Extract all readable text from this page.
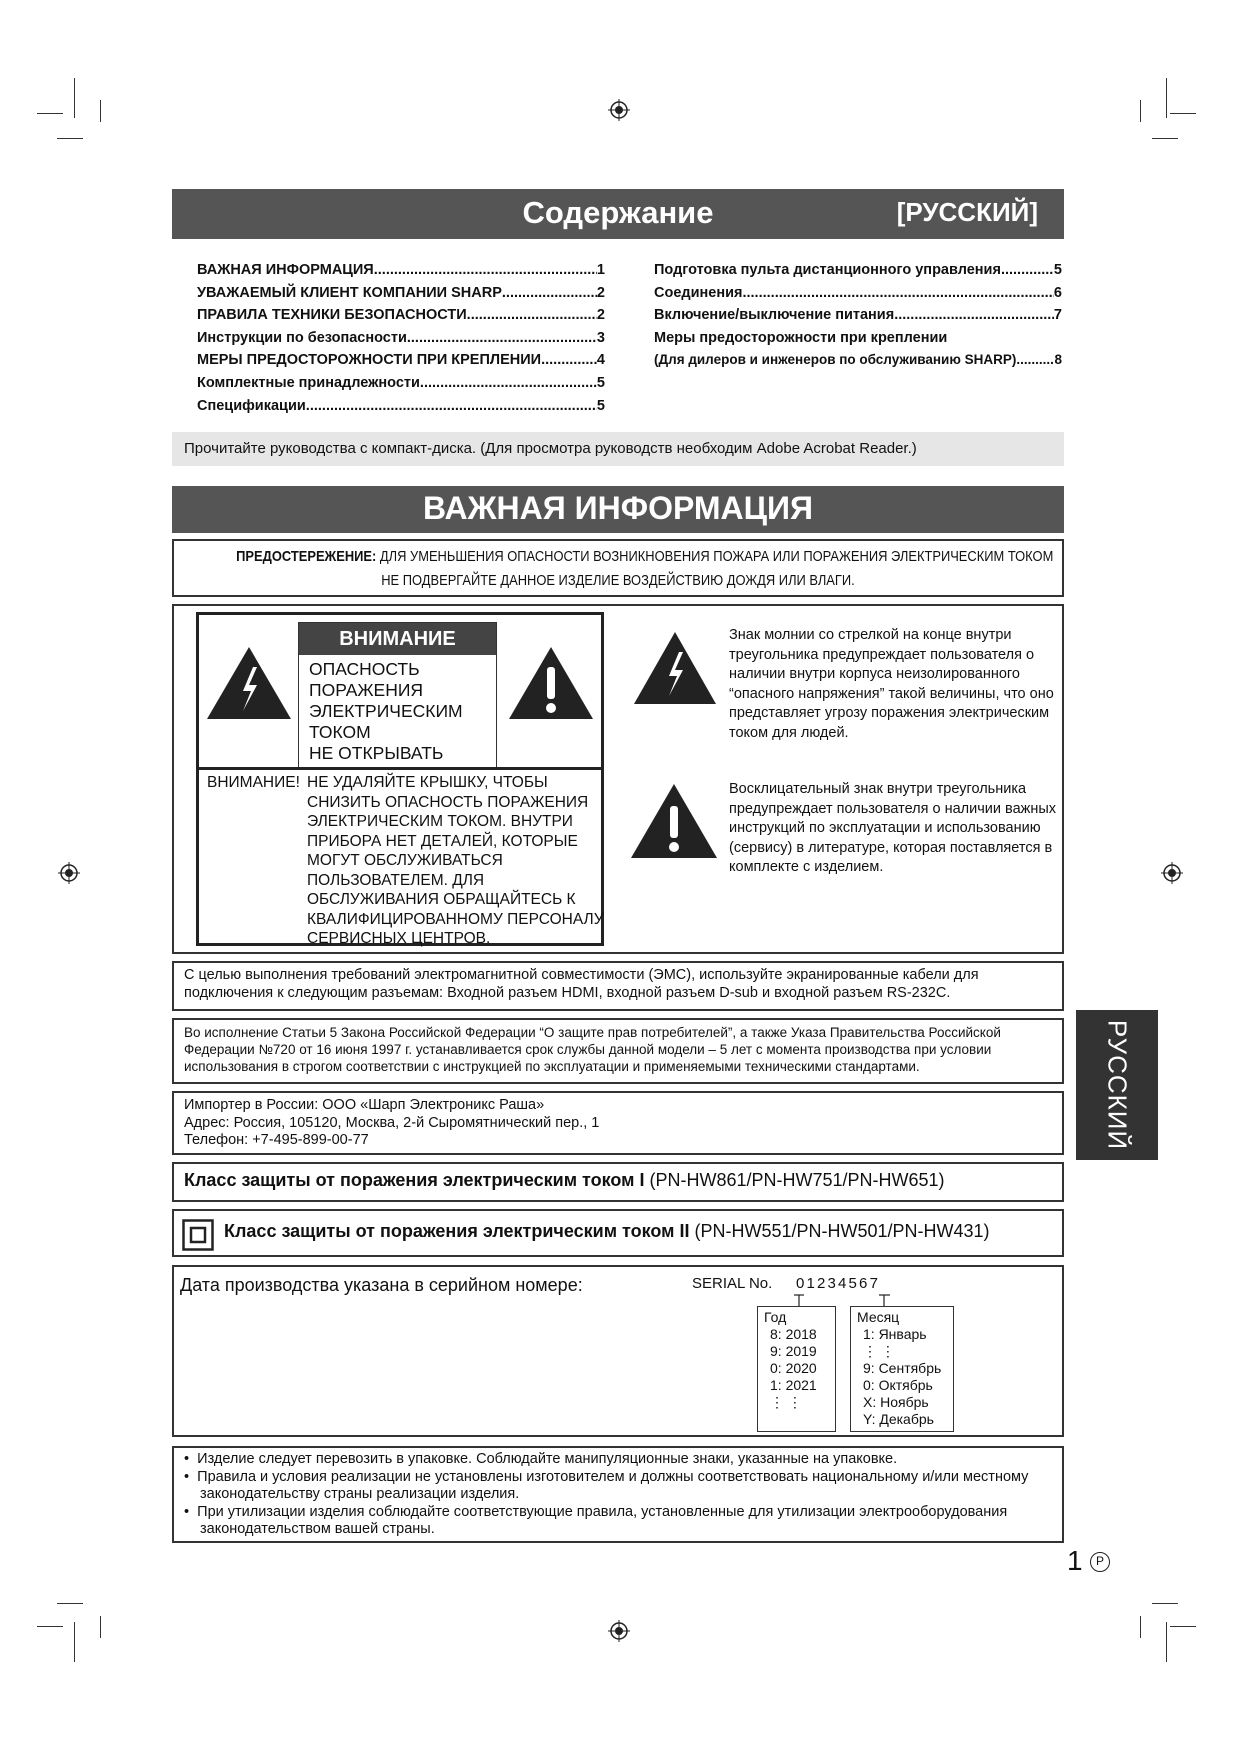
Содержание	[РУССКИЙ]
ВАЖНАЯ ИНФОРМАЦИЯ .....	1
УВАЖАЕМЫЙ КЛИЕНТ КОМПАНИИ SHARP .....	2
ПРАВИЛА ТЕХНИКИ БЕЗОПАСНОСТИ .....	2
Инструкции по безопасности .....	3
МЕРЫ ПРЕДОСТОРОЖНОСТИ ПРИ КРЕПЛЕНИИ .....	4
Комплектные принадлежности .....	5
Спецификации .....	5
Подготовка пульта дистанционного управления .....	5
Соединения .....	6
Включение/выключение питания .....	7
Меры предосторожности при креплении
(Для дилеров и инженеров по обслуживанию SHARP) .....	8
Прочитайте руководства с компакт-диска. (Для просмотра руководств необходим Adobe Acrobat Reader.)
ВАЖНАЯ ИНФОРМАЦИЯ
ПРЕДОСТЕРЕЖЕНИЕ: ДЛЯ УМЕНЬШЕНИЯ ОПАСНОСТИ ВОЗНИКНОВЕНИЯ ПОЖАРА ИЛИ ПОРАЖЕНИЯ ЭЛЕКТРИЧЕСКИМ ТОКОМ
НЕ ПОДВЕРГАЙТЕ ДАННОЕ ИЗДЕЛИЕ ВОЗДЕЙСТВИЮ ДОЖДЯ ИЛИ ВЛАГИ.
ВНИМАНИЕ
ОПАСНОСТЬ
ПОРАЖЕНИЯ
ЭЛЕКТРИЧЕСКИМ
ТОКОМ
НЕ ОТКРЫВАТЬ
ВНИМАНИЕ! НЕ УДАЛЯЙТЕ КРЫШКУ, ЧТОБЫ СНИЗИТЬ ОПАСНОСТЬ ПОРАЖЕНИЯ ЭЛЕКТРИЧЕСКИМ ТОКОМ. ВНУТРИ ПРИБОРА НЕТ ДЕТАЛЕЙ, КОТОРЫЕ МОГУТ ОБСЛУЖИВАТЬСЯ ПОЛЬЗОВАТЕЛЕМ. ДЛЯ ОБСЛУЖИВАНИЯ ОБРАЩАЙТЕСЬ К КВАЛИФИЦИРОВАННОМУ ПЕРСОНАЛУ СЕРВИСНЫХ ЦЕНТРОВ.
Знак молнии со стрелкой на конце внутри треугольника предупреждает пользователя о наличии внутри корпуса неизолированного “опасного напряжения” такой величины, что оно представляет угрозу поражения электрическим током для людей.
Восклицательный знак внутри треугольника предупреждает пользователя о наличии важных инструкций по эксплуатации и использованию (сервису) в литературе, которая поставляется в комплекте с изделием.
С целью выполнения требований электромагнитной совместимости (ЭМС), используйте экранированные кабели для подключения к следующим разъемам: Входной разъем HDMI, входной разъем D-sub и входной разъем RS-232C.
Во исполнение Статьи 5 Закона Российской Федерации “О защите прав потребителей”, а также Указа Правительства Российской Федерации №720 от 16 июня 1997 г. устанавливается срок службы данной модели – 5 лет с момента производства при условии использования в строгом соответствии с инструкцией по эксплуатации и применяемыми техническими стандартами.
Импортер в России: ООО «Шарп Электроникс Раша»
Адрес: Россия, 105120, Москва, 2-й Сыромятнический пер., 1
Телефон: +7-495-899-00-77
Класс защиты от поражения электрическим током I (PN-HW861/PN-HW751/PN-HW651)
Класс защиты от поражения электрическим током II (PN-HW551/PN-HW501/PN-HW431)
Дата производства указана в серийном номере:	SERIAL No. 0 1 2 3 4 5 6 7
Год
8: 2018
9: 2019
0: 2020
1: 2021
⋮ ⋮
Месяц
1: Январь
⋮ ⋮
9: Сентябрь
0: Октябрь
X: Ноябрь
Y: Декабрь
•  Изделие следует перевозить в упаковке. Соблюдайте манипуляционные знаки, указанные на упаковке.
•  Правила и условия реализации не установлены изготовителем и должны соответствовать национальному и/или местному законодательству страны реализации изделия.
•  При утилизации изделия соблюдайте соответствующие правила, установленные для утилизации электрооборудования законодательством вашей страны.
РУССКИЙ
1	P
